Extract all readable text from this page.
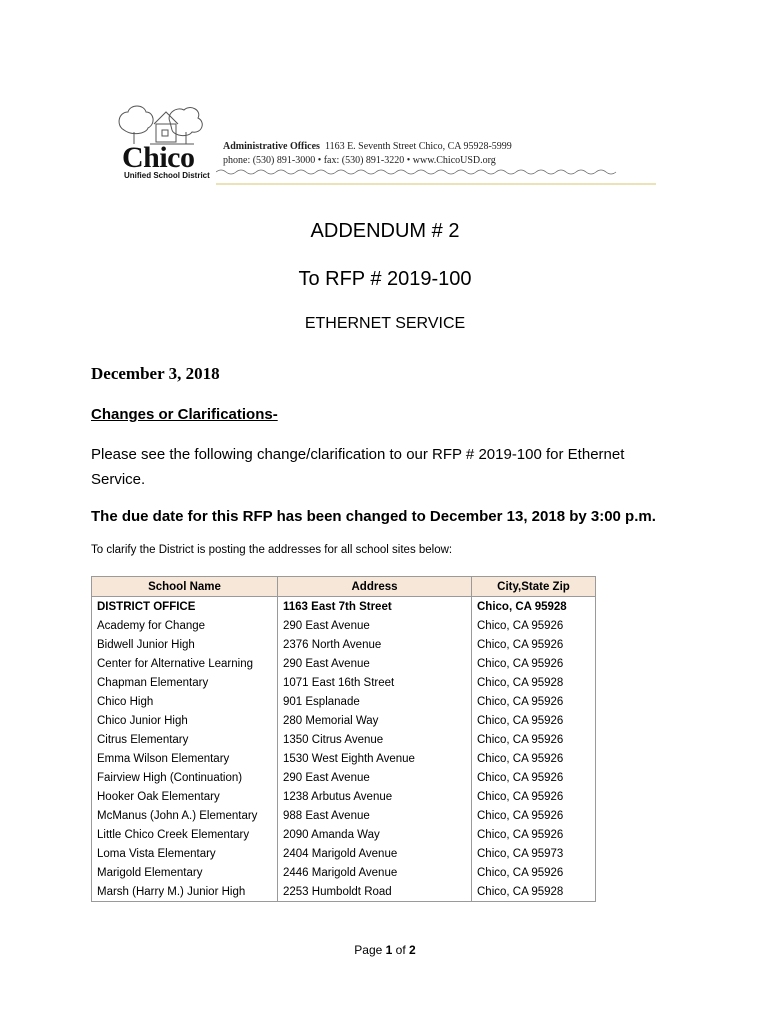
Chico
Unified School District
Administrative Offices 1163 E. Seventh Street Chico, CA 95928-5999
phone: (530) 891-3000 • fax: (530) 891-3220 • www.ChicoUSD.org
ADDENDUM # 2
To RFP # 2019-100
ETHERNET SERVICE
December 3, 2018
Changes or Clarifications-
Please see the following change/clarification to our RFP # 2019-100 for Ethernet Service.
The due date for this RFP has been changed to December 13, 2018 by 3:00 p.m.
To clarify the District is posting the addresses for all school sites below:
School Name	Address	City,State Zip
DISTRICT OFFICE	1163 East 7th Street	Chico, CA 95928
Academy for Change	290 East Avenue	Chico, CA 95926
Bidwell Junior High	2376 North Avenue	Chico, CA 95926
Center for Alternative Learning	290 East Avenue	Chico, CA 95926
Chapman Elementary	1071 East 16th Street	Chico, CA 95928
Chico High	901 Esplanade	Chico, CA 95926
Chico Junior High	280 Memorial Way	Chico, CA 95926
Citrus Elementary	1350 Citrus Avenue	Chico, CA 95926
Emma Wilson Elementary	1530 West Eighth Avenue	Chico, CA 95926
Fairview High (Continuation)	290 East Avenue	Chico, CA 95926
Hooker Oak Elementary	1238 Arbutus Avenue	Chico, CA 95926
McManus (John A.) Elementary	988 East Avenue	Chico, CA 95926
Little Chico Creek Elementary	2090 Amanda Way	Chico, CA 95926
Loma Vista Elementary	2404 Marigold Avenue	Chico, CA 95973
Marigold Elementary	2446 Marigold Avenue	Chico, CA 95926
Marsh (Harry M.) Junior High	2253 Humboldt Road	Chico, CA 95928
Page 1 of 2
